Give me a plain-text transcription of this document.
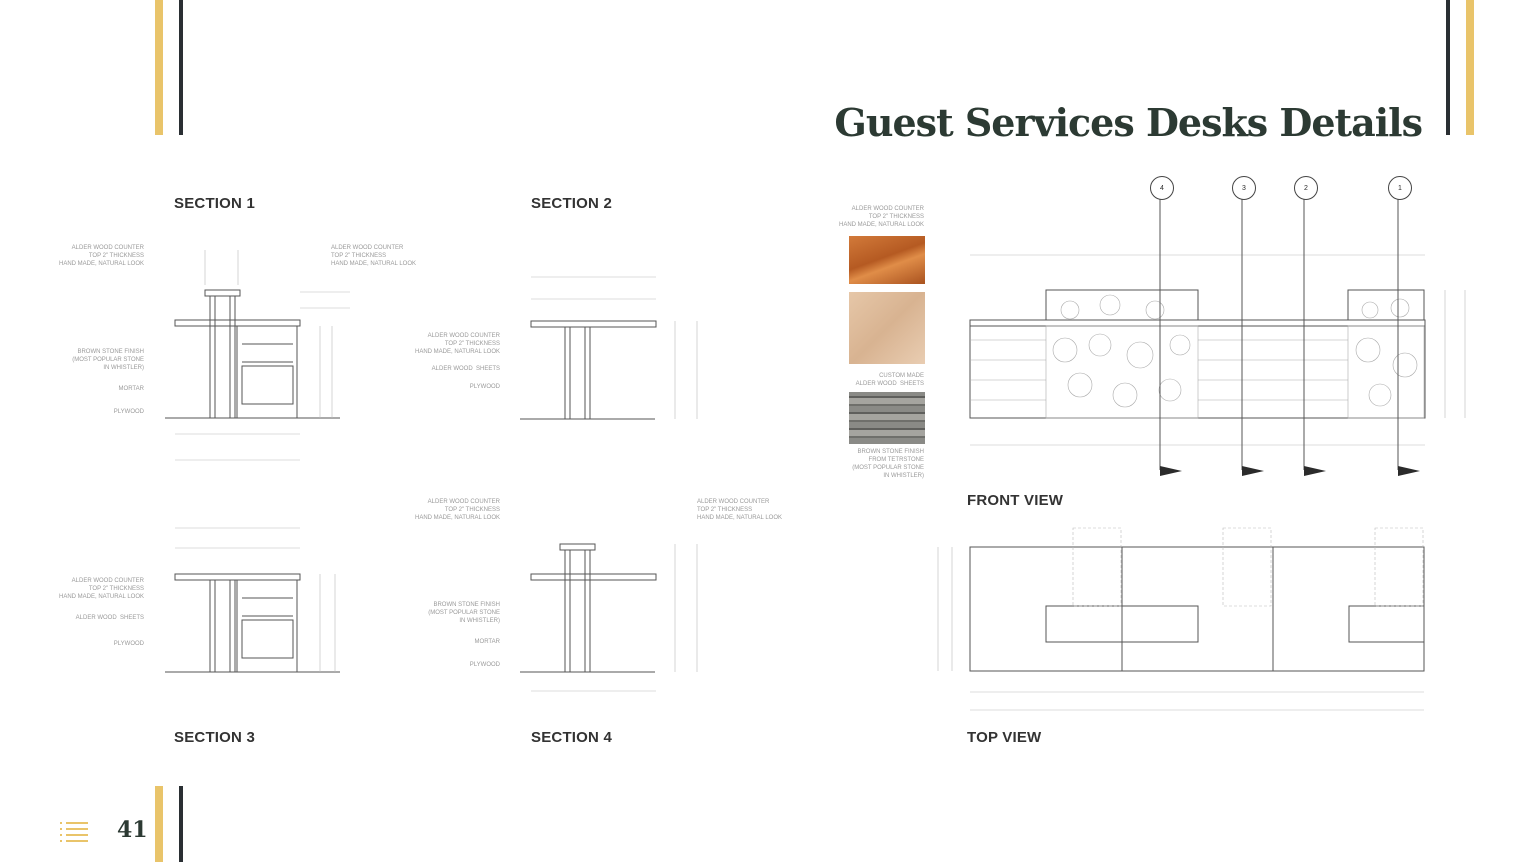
Guest Services Desks Details
SECTION 1	SECTION 2
SECTION 3	SECTION 4
FRONT VIEW
TOP VIEW
ALDER WOOD COUNTER
TOP 2" THICKNESS
HAND MADE, NATURAL LOOK
ALDER WOOD COUNTER
TOP 2" THICKNESS
HAND MADE, NATURAL LOOK
BROWN STONE FINISH
(MOST POPULAR STONE
IN WHISTLER)
MORTAR
PLYWOOD
ALDER WOOD COUNTER
TOP 2" THICKNESS
HAND MADE, NATURAL LOOK
ALDER WOOD  SHEETS
PLYWOOD
ALDER WOOD COUNTER
TOP 2" THICKNESS
HAND MADE, NATURAL LOOK
ALDER WOOD  SHEETS
PLYWOOD
ALDER WOOD COUNTER
TOP 2" THICKNESS
HAND MADE, NATURAL LOOK
ALDER WOOD COUNTER
TOP 2" THICKNESS
HAND MADE, NATURAL LOOK
BROWN STONE FINISH
(MOST POPULAR STONE
IN WHISTLER)
MORTAR
PLYWOOD
ALDER WOOD COUNTER
TOP 2" THICKNESS
HAND MADE, NATURAL LOOK
CUSTOM MADE
ALDER WOOD  SHEETS
BROWN STONE FINISH
FROM TETRSTONE
(MOST POPULAR STONE
IN WHISTLER)
4	3	2	1
41
